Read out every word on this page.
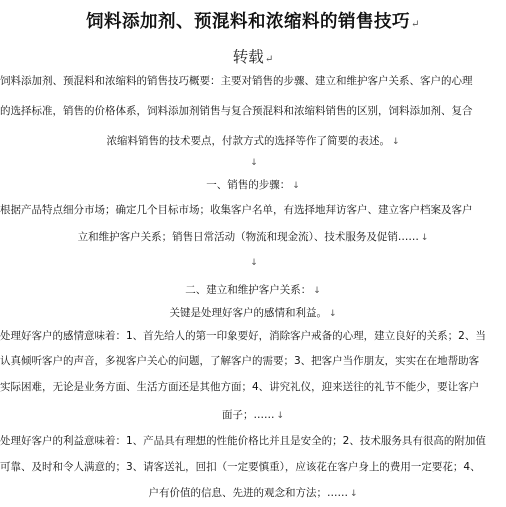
饲料添加剂、预混料和浓缩料的销售技巧↵
转载↵
饲料添加剂、预混料和浓缩料的销售技巧概要：主要对销售的步骤、建立和维护客户关系、客户的心理
的选择标准，销售的价格体系，饲料添加剂销售与复合预混料和浓缩料销售的区别，饲料添加剂、复合
浓缩料销售的技术要点，付款方式的选择等作了简要的表述。 ↓
↓
一、销售的步骤： ↓
根据产品特点细分市场；确定几个目标市场；收集客户名单，有选择地拜访客户、建立客户档案及客户
立和维护客户关系；销售日常活动（物流和现金流）、技术服务及促销…… ↓
↓
二、建立和维护客户关系： ↓
关键是处理好客户的感情和利益。 ↓
处理好客户的感情意味着：1、首先给人的第一印象要好，消除客户戒备的心理，建立良好的关系；2、当
认真倾听客户的声音，多视客户关心的问题，了解客户的需要；3、把客户当作朋友，实实在在地帮助客
实际困难，无论是业务方面、生活方面还是其他方面；4、讲究礼仪，迎来送往的礼节不能少，要让客户
面子；…… ↓
处理好客户的利益意味着：1、产品具有理想的性能价格比并且是安全的；2、技术服务具有很高的附加值
可靠、及时和令人满意的；3、请客送礼，回扣（一定要慎重），应该花在客户身上的费用一定要花；4、
户有价值的信息、先进的观念和方法；…… ↓
